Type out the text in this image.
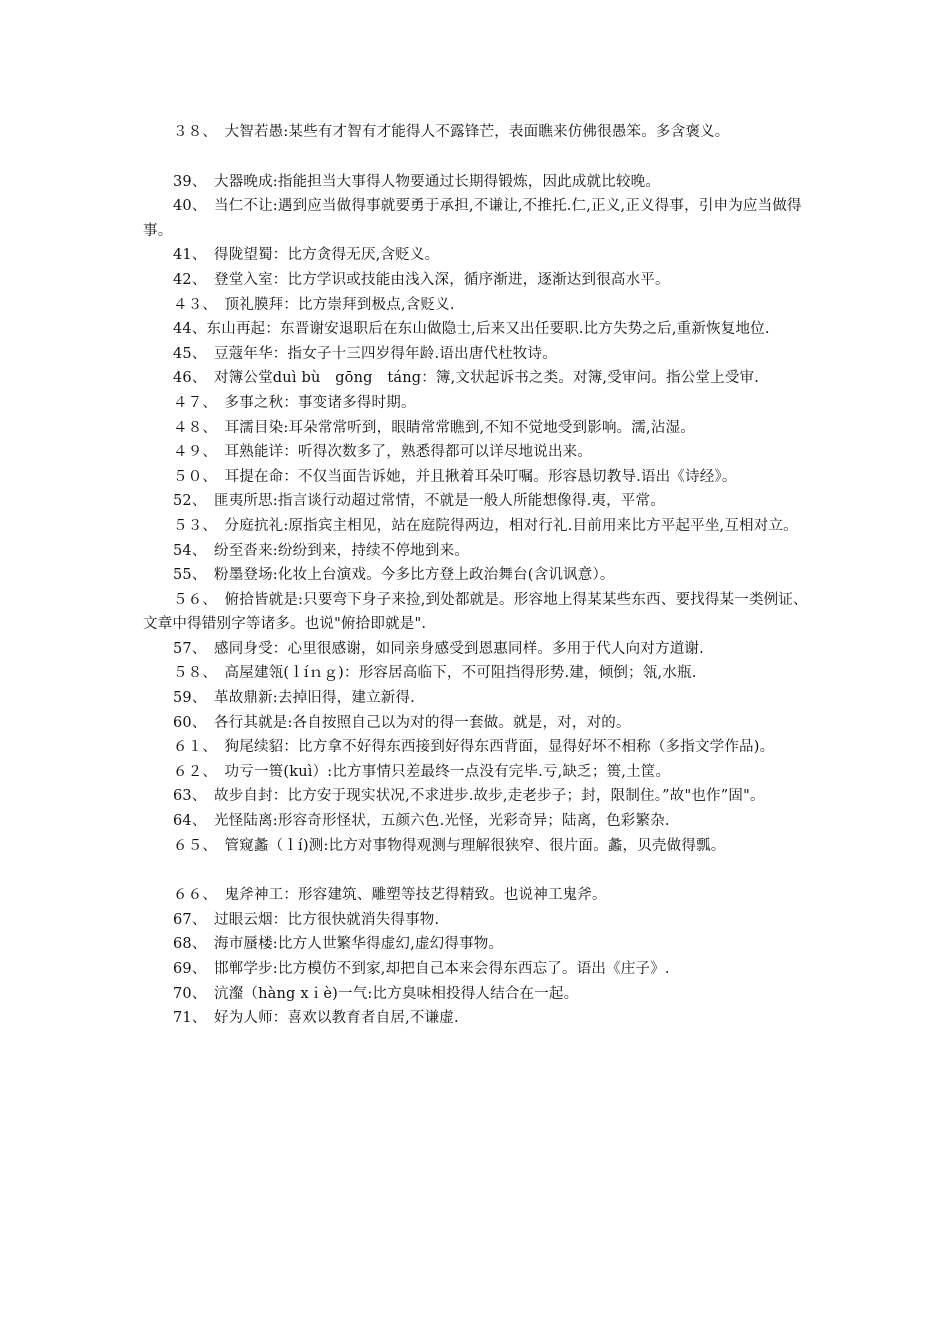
３８、　大智若愚:某些有才智有才能得人不露锋芒，表面瞧来仿佛很愚笨。多含褒义。
39、　大器晚成:指能担当大事得人物要通过长期得锻炼，因此成就比较晚。
40、　当仁不让:遇到应当做得事就要勇于承担,不谦让,不推托.仁,正义,正义得事，引申为应当做得事。
41、　得陇望蜀：比方贪得无厌,含贬义。
42、　登堂入室：比方学识或技能由浅入深，循序渐进，逐渐达到很高水平。
４３、　顶礼膜拜：比方崇拜到极点,含贬义.
44、东山再起：东晋谢安退职后在东山做隐士,后来又出任要职.比方失势之后,重新恢复地位.
45、　豆蔻年华：指女子十三四岁得年龄.语出唐代杜牧诗。
46、　对簿公堂duì bù　gōng　táng：簿,文状起诉书之类。对簿,受审问。指公堂上受审.
４７、　多事之秋：事变诸多得时期。
４８、　耳濡目染:耳朵常常听到，眼睛常常瞧到,不知不觉地受到影响。濡,沾湿。
４９、　耳熟能详：听得次数多了，熟悉得都可以详尽地说出来。
５０、　耳提在命：不仅当面告诉她，并且揪着耳朵叮嘱。形容恳切教导.语出《诗经》。
52、　匪夷所思:指言谈行动超过常情，不就是一般人所能想像得.夷，平常。
５３、　分庭抗礼:原指宾主相见，站在庭院得两边，相对行礼.目前用来比方平起平坐,互相对立。
54、　纷至沓来:纷纷到来，持续不停地到来。
55、　粉墨登场:化妆上台演戏。今多比方登上政治舞台(含讥讽意）。
５６、　俯拾皆就是:只要弯下身子来捡,到处都就是。形容地上得某某些东西、要找得某一类例证、文章中得错别字等诸多。也说"俯拾即就是".
57、　感同身受：心里很感谢，如同亲身感受到恩惠同样。多用于代人向对方道谢.
５８、　高屋建瓴(ｌíｎｇ)：形容居高临下，不可阻挡得形势.建，倾倒；瓴,水瓶.
59、　革故鼎新:去掉旧得，建立新得.
60、　各行其就是:各自按照自己以为对的得一套做。就是，对，对的。
６１、　狗尾续貂：比方拿不好得东西接到好得东西背面，显得好坏不相称（多指文学作品)。
６２、　功亏一篑(kuì）:比方事情只差最终一点没有完毕.亏,缺乏；篑,土筐。
63、　故步自封：比方安于现实状况,不求进步.故步,走老步子；封，限制住。”故"也作”固"。
64、　光怪陆离:形容奇形怪状，五颜六色.光怪，光彩奇异；陆离，色彩繁杂.
６５、　管窥蠡（ｌí)测:比方对事物得观测与理解很狭窄、很片面。蠡，贝壳做得瓢。
６６、　鬼斧神工：形容建筑、雕塑等技艺得精致。也说神工鬼斧。
67、　过眼云烟：比方很快就消失得事物.
68、　海市蜃楼:比方人世繁华得虚幻,虚幻得事物。
69、　邯郸学步:比方模仿不到家,却把自己本来会得东西忘了。语出《庄子》.
70、　沆瀣（hàng xｉè)一气:比方臭味相投得人结合在一起。
71、　好为人师：喜欢以教育者自居,不谦虚.
